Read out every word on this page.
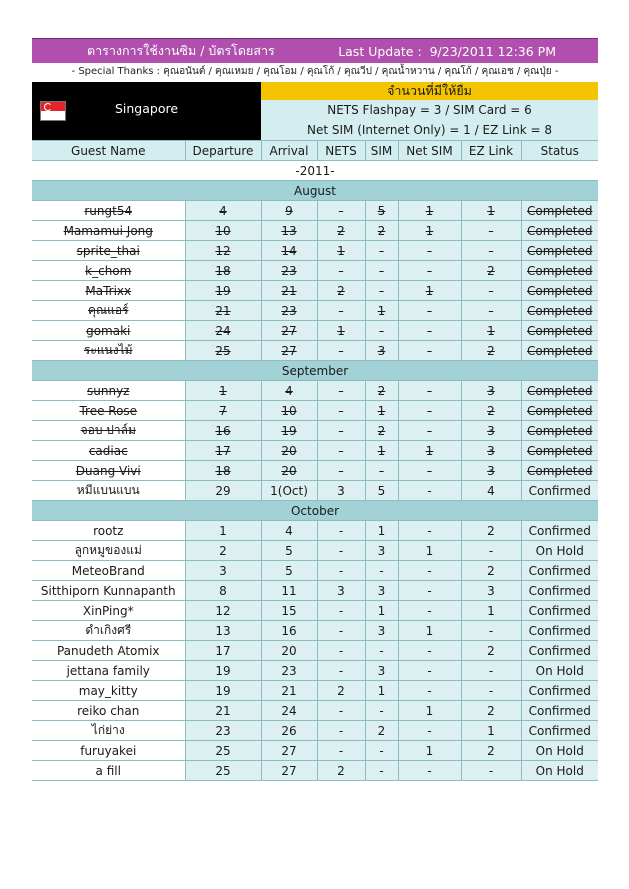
ตารางการใช้งานซิม / บัตรโดยสาร	Last Update : 9/23/2011 12:36 PM
- Special Thanks : คุณอนันต์ / คุณเหมย / คุณโอม / คุณโก้ / คุณวีป / คุณน้ำหวาน / คุณโก้ / คุณเอช / คุณปุ่ย -
Singapore
จำนวนที่มีให้ยืม
NETS Flashpay = 3 / SIM Card = 6
Net SIM (Internet Only) = 1 / EZ Link = 8
Guest Name	Departure	Arrival	NETS	SIM	Net SIM	EZ Link	Status
-2011-							
August							
rungt54	4	9	-	5	1	1	Completed
Mamamui Jong	10	13	2	2	1	-	Completed
sprite_thai	12	14	1	-	-	-	Completed
k_chom	18	23	-	-	-	2	Completed
MaTrixx	19	21	2	-	1	-	Completed
คุณแอร์	21	23	-	1	-	-	Completed
gomaki	24	27	1	-	-	1	Completed
ระแนงไม้	25	27	-	3	-	2	Completed
September							
sunnyz	1	4	-	2	-	3	Completed
Tree Rose	7	10	-	1	-	2	Completed
จอบ ปาล์ม	16	19	-	2	-	3	Completed
cadiac	17	20	-	1	1	3	Completed
Duang Vivi	18	20	-	-	-	3	Completed
หมีแบนแบน	29	1(Oct)	3	5	-	4	Confirmed
October							
rootz	1	4	-	1	-	2	Confirmed
ลูกหมูของแม่	2	5	-	3	1	-	On Hold
MeteoBrand	3	5	-	-	-	2	Confirmed
Sitthiporn Kunnapanth	8	11	3	3	-	3	Confirmed
XinPing*	12	15	-	1	-	1	Confirmed
ดำเกิงศรี	13	16	-	3	1	-	Confirmed
Panudeth Atomix	17	20	-	-	-	2	Confirmed
jettana family	19	23	-	3	-	-	On Hold
may_kitty	19	21	2	1	-	-	Confirmed
reiko chan	21	24	-	-	1	2	Confirmed
ไก่ย่าง	23	26	-	2	-	1	Confirmed
furuyakei	25	27	-	-	1	2	On Hold
a fill	25	27	2	-	-	-	On Hold
